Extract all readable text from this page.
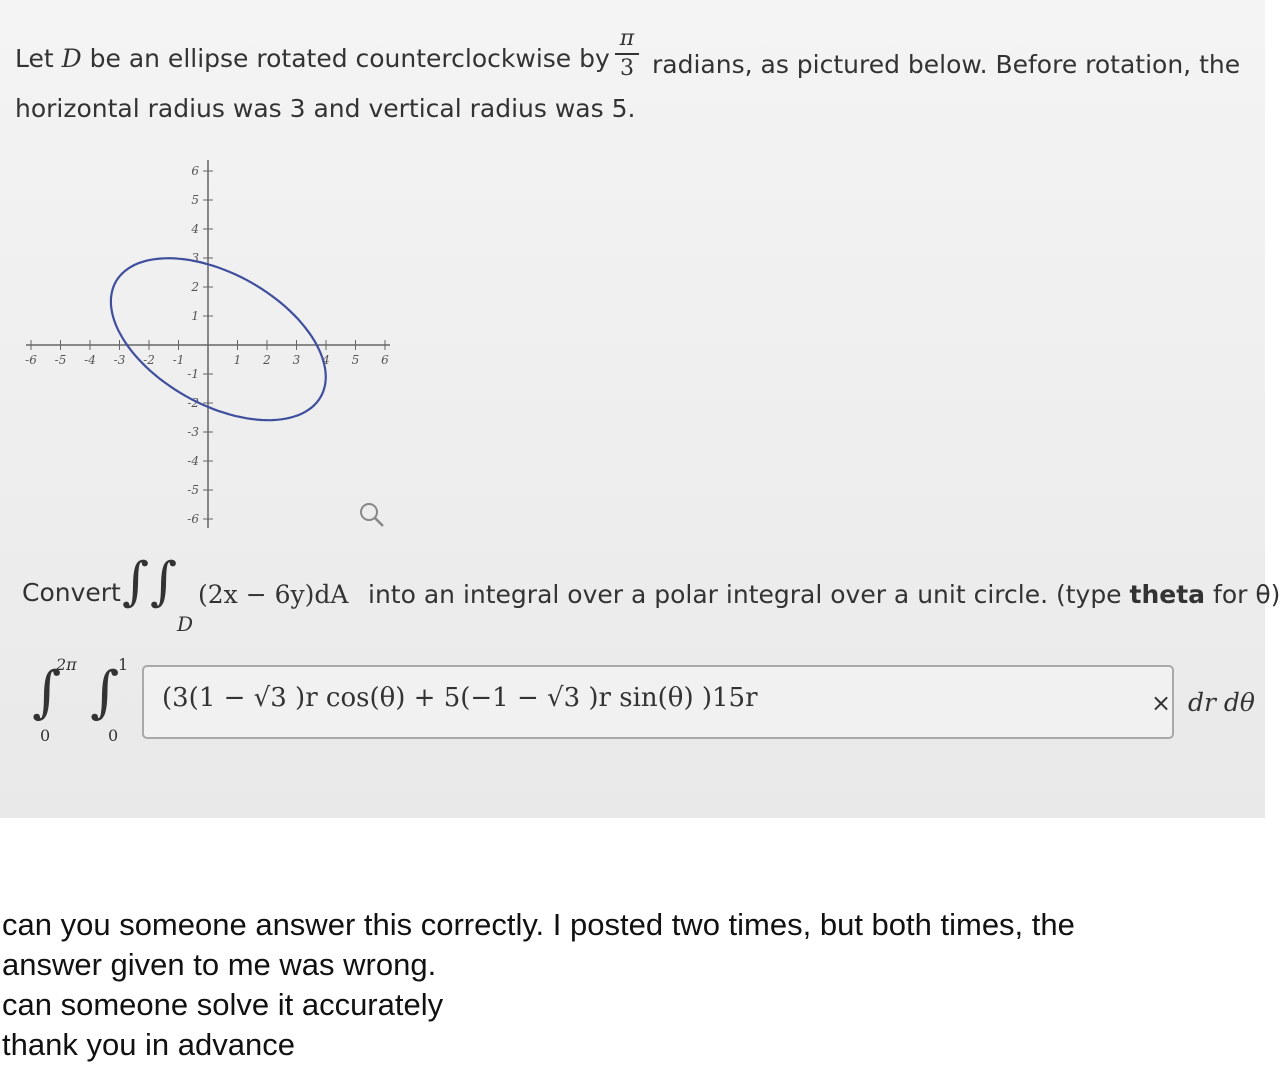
Let D be an ellipse rotated counterclockwise by
π
3 radians, as pictured below. Before rotation, the
horizontal radius was 3 and vertical radius was 5.
-6 -5 -4 -3 -2 -1	1 2 3 4 5 6
6
5
4
3
2
1
-1
-2
-3
-4
-5
-6
Convert ∫ ∫
D
(2x − 6y)dA into an integral over a polar integral over a unit circle. (type theta for θ)
∫
2π
0
∫
1
0
(3(1 − √3 )r cos(θ) + 5(−1 − √3 )r sin(θ) )15r	× dr dθ
can you someone answer this correctly. I posted two times, but both times, the
answer given to me was wrong.
can someone solve it accurately
thank you in advance
